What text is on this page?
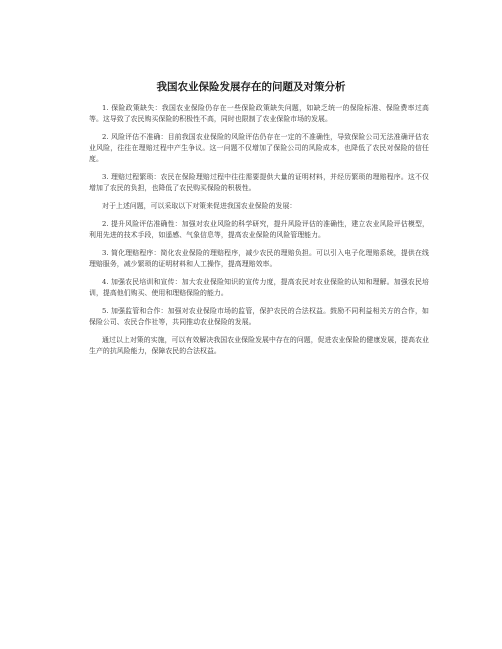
我国农业保险发展存在的问题及对策分析

1. 保险政策缺失：我国农业保险仍存在一些保险政策缺失问题，如缺乏统一的保险标准、保险费率过高等。这导致了农民购买保险的积极性不高，同时也限制了农业保险市场的发展。

2. 风险评估不准确：目前我国农业保险的风险评估仍存在一定的不准确性，导致保险公司无法准确评估农业风险，往往在理赔过程中产生争议。这一问题不仅增加了保险公司的风险成本，也降低了农民对保险的信任度。

3. 理赔过程繁琐：农民在保险理赔过程中往往需要提供大量的证明材料，并经历繁琐的理赔程序。这不仅增加了农民的负担，也降低了农民购买保险的积极性。

对于上述问题，可以采取以下对策来促进我国农业保险的发展：

2. 提升风险评估准确性：加强对农业风险的科学研究，提升风险评估的准确性，建立农业风险评估模型，利用先进的技术手段，如遥感、气象信息等，提高农业保险的风险管理能力。

3. 简化理赔程序：简化农业保险的理赔程序，减少农民的理赔负担。可以引入电子化理赔系统，提供在线理赔服务，减少繁琐的证明材料和人工操作，提高理赔效率。

4. 加强农民培训和宣传：加大农业保险知识的宣传力度，提高农民对农业保险的认知和理解。加强农民培训，提高他们购买、使用和理赔保险的能力。

5. 加强监管和合作：加强对农业保险市场的监管，保护农民的合法权益。鼓励不同利益相关方的合作，如保险公司、农民合作社等，共同推动农业保险的发展。

通过以上对策的实施，可以有效解决我国农业保险发展中存在的问题，促进农业保险的健康发展，提高农业生产的抗风险能力，保障农民的合法权益。
